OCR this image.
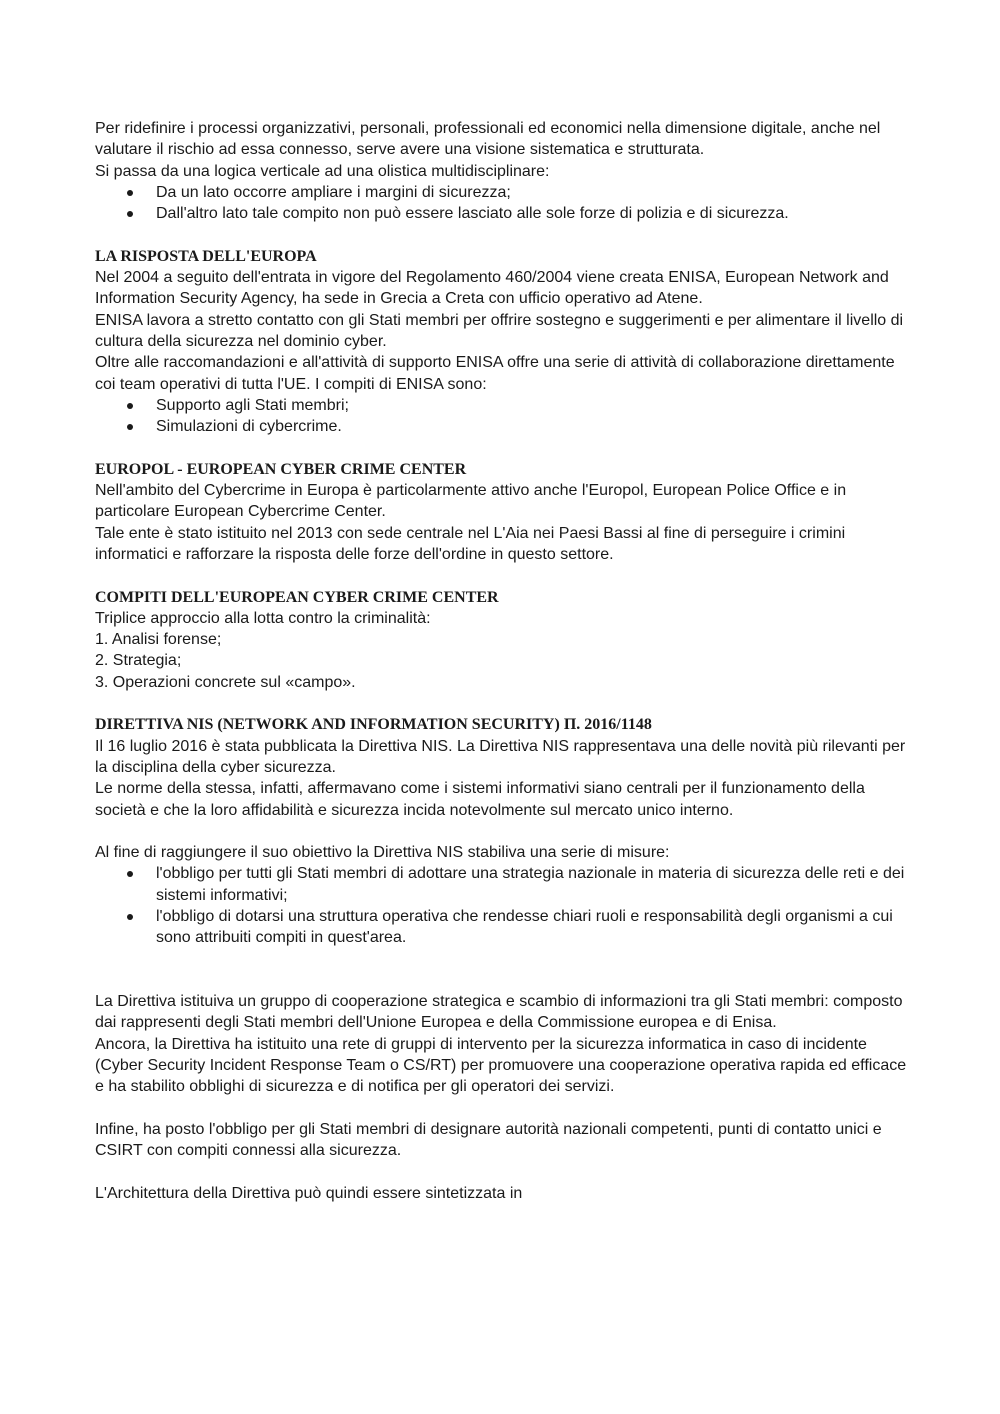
Per ridefinire i processi organizzativi, personali, professionali ed economici nella dimensione digitale, anche nel valutare il rischio ad essa connesso, serve avere una visione sistematica e strutturata.

Si passa da una logica verticale ad una olistica multidisciplinare:

Da un lato occorre ampliare i margini di sicurezza;
Dall'altro lato tale compito non può essere lasciato alle sole forze di polizia e di sicurezza.
LA RISPOSTA DELL'EUROPA

Nel 2004 a seguito dell'entrata in vigore del Regolamento 460/2004 viene creata ENISA, European Network and Information Security Agency, ha sede in Grecia a Creta con ufficio operativo ad Atene.

ENISA lavora a stretto contatto con gli Stati membri per offrire sostegno e suggerimenti e per alimentare il livello di cultura della sicurezza nel dominio cyber.

Oltre alle raccomandazioni e all'attività di supporto ENISA offre una serie di attività di collaborazione direttamente coi team operativi di tutta l'UE. I compiti di ENISA sono:

Supporto agli Stati membri;
Simulazioni di cybercrime.
EUROPOL - EUROPEAN CYBER CRIME CENTER

Nell'ambito del Cybercrime in Europa è particolarmente attivo anche l'Europol, European Police Office e in particolare European Cybercrime Center.

Tale ente è stato istituito nel 2013 con sede centrale nel L'Aia nei Paesi Bassi al fine di perseguire i crimini informatici e rafforzare la risposta delle forze dell'ordine in questo settore.

COMPITI DELL'EUROPEAN CYBER CRIME CENTER

Triplice approccio alla lotta contro la criminalità:

1. Analisi forense;

2. Strategia;

3. Operazioni concrete sul «campo».

DIRETTIVA NIS (NETWORK AND INFORMATION SECURITY) П. 2016/1148

Il 16 luglio 2016 è stata pubblicata la Direttiva NIS. La Direttiva NIS rappresentava una delle novità più rilevanti per la disciplina della cyber sicurezza.

Le norme della stessa, infatti, affermavano come i sistemi informativi siano centrali per il funzionamento della società e che la loro affidabilità e sicurezza incida notevolmente sul mercato unico interno.

Al fine di raggiungere il suo obiettivo la Direttiva NIS stabiliva una serie di misure:

l'obbligo per tutti gli Stati membri di adottare una strategia nazionale in materia di sicurezza delle reti e dei sistemi informativi;
l'obbligo di dotarsi una struttura operativa che rendesse chiari ruoli e responsabilità degli organismi a cui sono attribuiti compiti in quest'area.

La Direttiva istituiva un gruppo di cooperazione strategica e scambio di informazioni tra gli Stati membri: composto dai rappresenti degli Stati membri dell'Unione Europea e della Commissione europea e di Enisa.

Ancora, la Direttiva ha istituito una rete di gruppi di intervento per la sicurezza informatica in caso di incidente (Cyber Security Incident Response Team o CS/RT) per promuovere una cooperazione operativa rapida ed efficace e ha stabilito obblighi di sicurezza e di notifica per gli operatori dei servizi.

Infine, ha posto l'obbligo per gli Stati membri di designare autorità nazionali competenti, punti di contatto unici e CSIRT con compiti connessi alla sicurezza.

L'Architettura della Direttiva può quindi essere sintetizzata in
